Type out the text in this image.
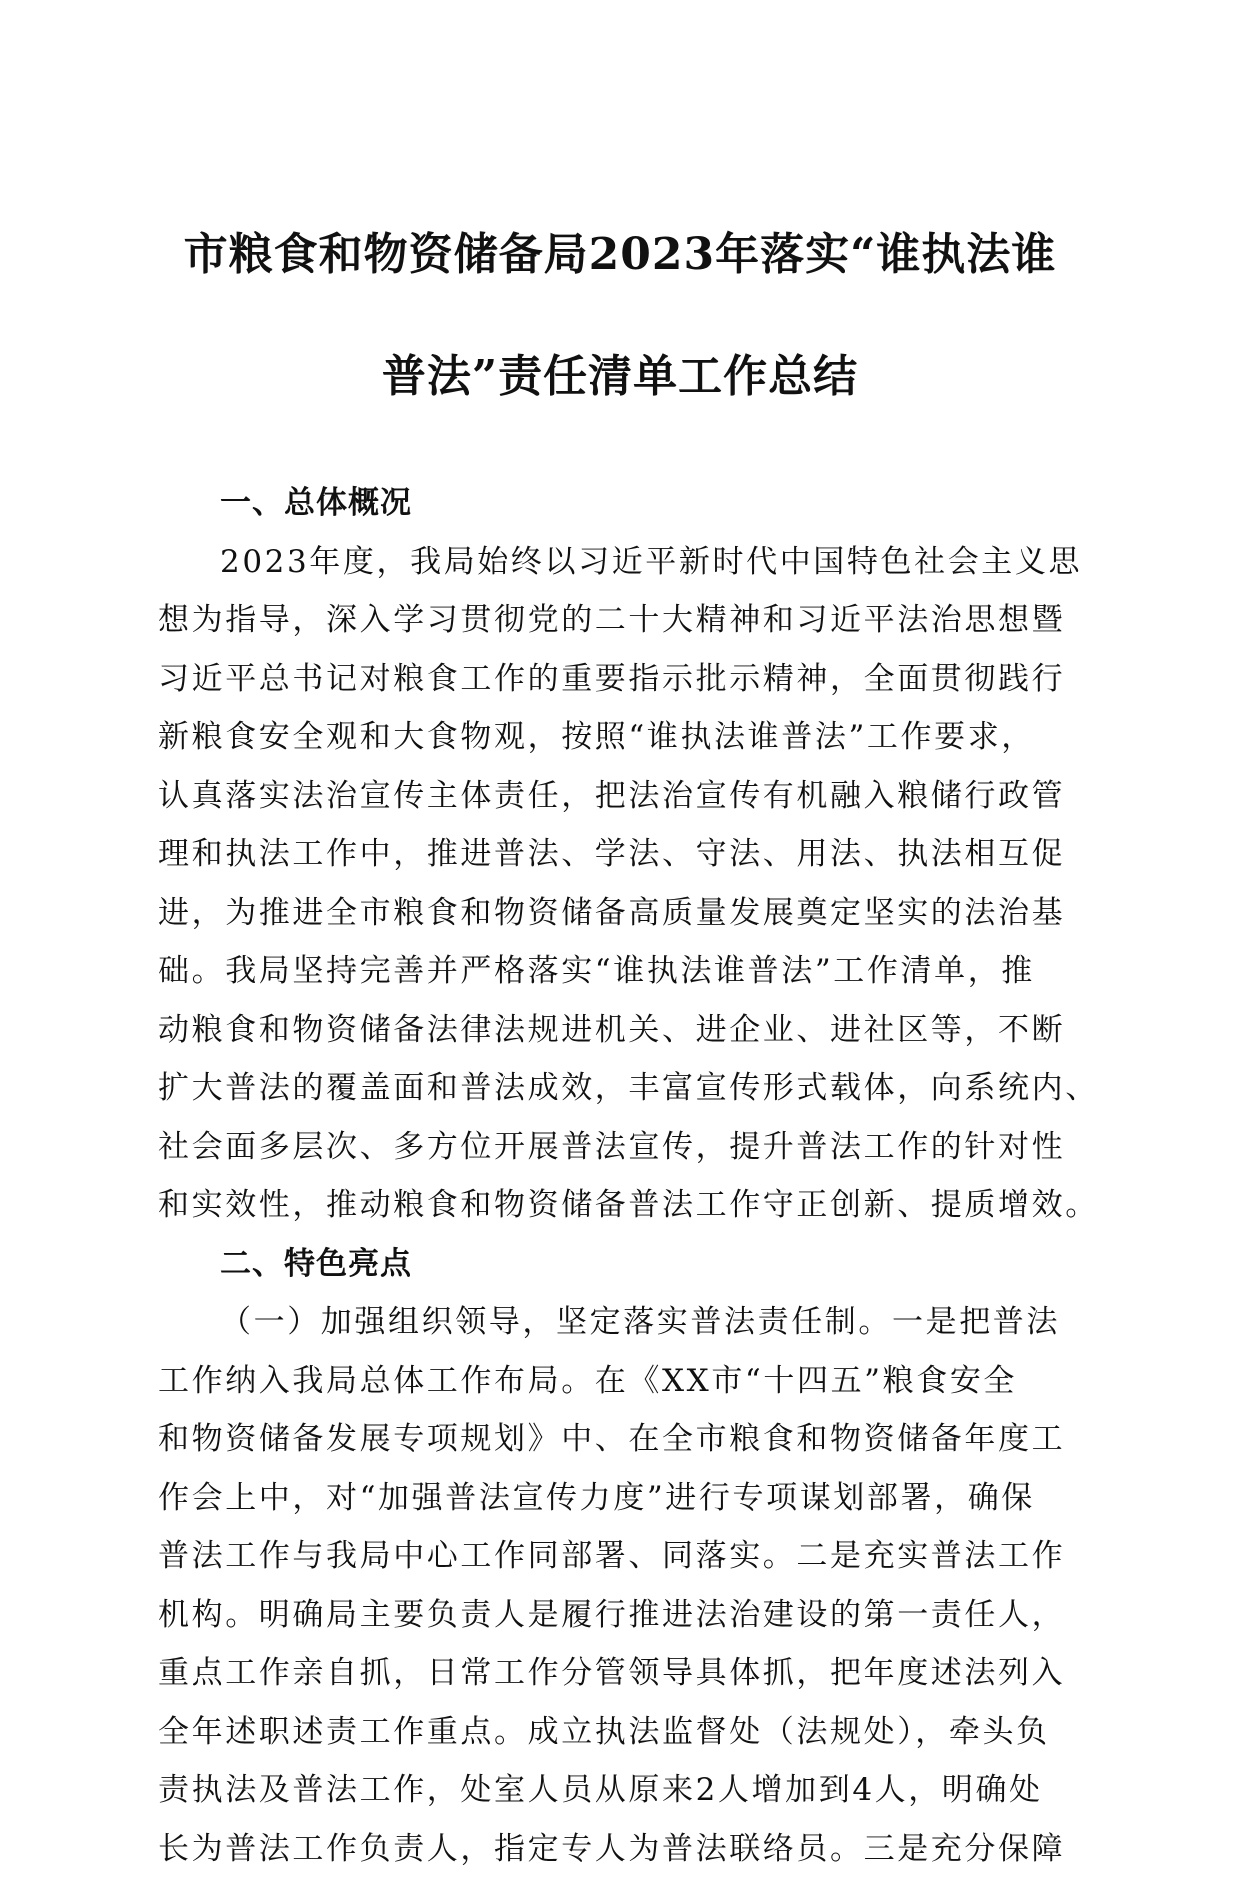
市粮食和物资储备局2023年落实“谁执法谁
普法”责任清单工作总结
一、总体概况
2023年度，我局始终以习近平新时代中国特色社会主义思
想为指导，深入学习贯彻党的二十大精神和习近平法治思想暨
习近平总书记对粮食工作的重要指示批示精神，全面贯彻践行
新粮食安全观和大食物观，按照“谁执法谁普法”工作要求，
认真落实法治宣传主体责任，把法治宣传有机融入粮储行政管
理和执法工作中，推进普法、学法、守法、用法、执法相互促
进，为推进全市粮食和物资储备高质量发展奠定坚实的法治基
础。我局坚持完善并严格落实“谁执法谁普法”工作清单，推
动粮食和物资储备法律法规进机关、进企业、进社区等，不断
扩大普法的覆盖面和普法成效，丰富宣传形式载体，向系统内、
社会面多层次、多方位开展普法宣传，提升普法工作的针对性
和实效性，推动粮食和物资储备普法工作守正创新、提质增效。
二、特色亮点
（一）加强组织领导，坚定落实普法责任制。一是把普法
工作纳入我局总体工作布局。在《XX市“十四五”粮食安全
和物资储备发展专项规划》中、在全市粮食和物资储备年度工
作会上中，对“加强普法宣传力度”进行专项谋划部署，确保
普法工作与我局中心工作同部署、同落实。二是充实普法工作
机构。明确局主要负责人是履行推进法治建设的第一责任人，
重点工作亲自抓，日常工作分管领导具体抓，把年度述法列入
全年述职述责工作重点。成立执法监督处（法规处），牵头负
责执法及普法工作，处室人员从原来2人增加到4人，明确处
长为普法工作负责人，指定专人为普法联络员。三是充分保障
